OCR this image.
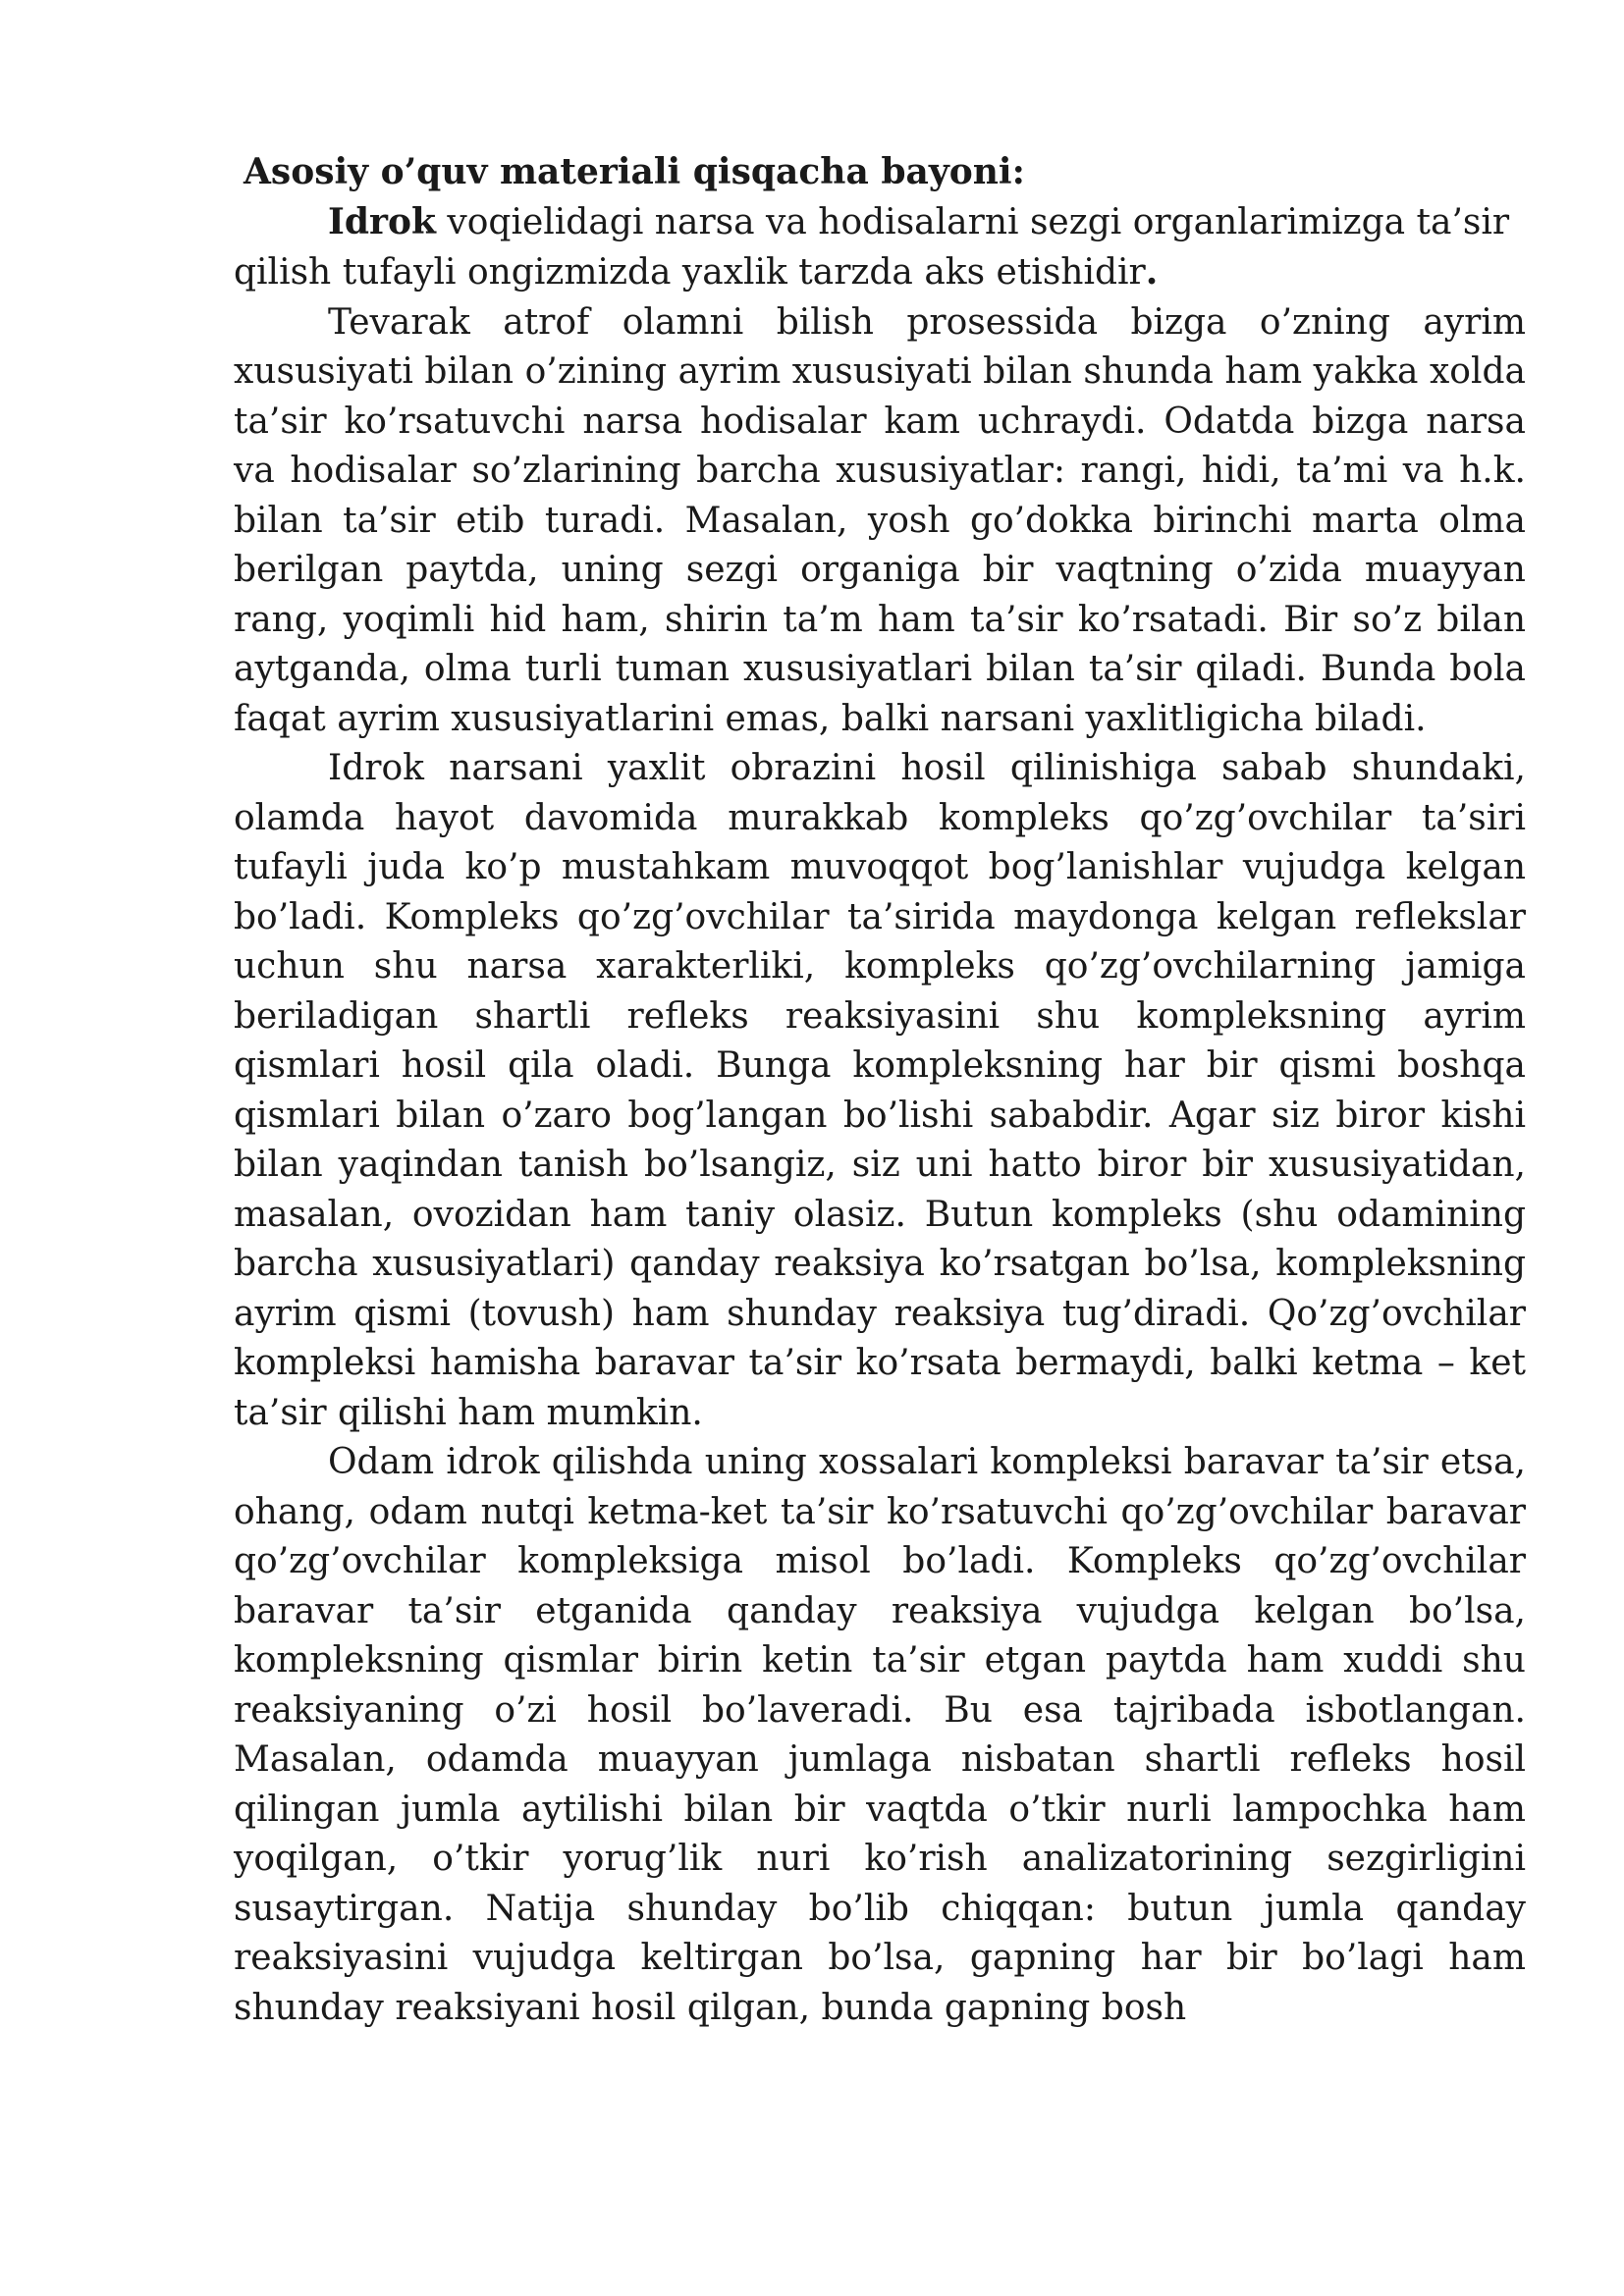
Asosiy o’quv materiali qisqacha bayoni:

Idrok voqielidagi narsa va hodisalarni sezgi organlarimizga ta’sir qilish tufayli ongizmizda yaxlik tarzda aks etishidir.

Tevarak atrof olamni bilish prosessida bizga o’zning ayrim xususiyati bilan o’zining ayrim xususiyati bilan shunda ham yakka xolda ta’sir ko’rsatuvchi narsa hodisalar kam uchraydi. Odatda bizga narsa va hodisalar so’zlarining barcha xususiyatlar: rangi, hidi, ta’mi va h.k. bilan ta’sir etib turadi. Masalan, yosh go’dokka birinchi marta olma berilgan paytda, uning sezgi organiga bir vaqtning o’zida muayyan rang, yoqimli hid ham, shirin ta’m ham ta’sir ko’rsatadi. Bir so’z bilan aytganda, olma turli tuman xususiyatlari bilan ta’sir qiladi. Bunda bola faqat ayrim xususiyatlarini emas, balki narsani yaxlitligicha biladi.

Idrok narsani yaxlit obrazini hosil qilinishiga sabab shundaki, olamda hayot davomida murakkab kompleks qo’zg’ovchilar ta’siri tufayli juda ko’p mustahkam muvoqqot bog’lanishlar vujudga kelgan bo’ladi. Kompleks qo’zg’ovchilar ta’sirida maydonga kelgan reflekslar uchun shu narsa xarakterliki, kompleks qo’zg’ovchilarning jamiga beriladigan shartli refleks reaksiyasini shu kompleksning ayrim qismlari hosil qila oladi. Bunga kompleksning har bir qismi boshqa qismlari bilan o’zaro bog’langan bo’lishi sababdir. Agar siz biror kishi bilan yaqindan tanish bo’lsangiz, siz uni hatto biror bir xususiyatidan, masalan, ovozidan ham taniy olasiz. Butun kompleks (shu odamining barcha xususiyatlari) qanday reaksiya ko’rsatgan bo’lsa, kompleksning ayrim qismi (tovush) ham shunday reaksiya tug’diradi. Qo’zg’ovchilar kompleksi hamisha baravar ta’sir ko’rsata bermaydi, balki ketma – ket ta’sir qilishi ham mumkin.

Odam idrok qilishda uning xossalari kompleksi baravar ta’sir etsa, ohang, odam nutqi ketma-ket ta’sir ko’rsatuvchi qo’zg’ovchilar baravar qo’zg’ovchilar kompleksiga misol bo’ladi. Kompleks qo’zg’ovchilar baravar ta’sir etganida qanday reaksiya vujudga kelgan bo’lsa, kompleksning qismlar birin ketin ta’sir etgan paytda ham xuddi shu reaksiyaning o’zi hosil bo’laveradi. Bu esa tajribada isbotlangan. Masalan, odamda muayyan jumlaga nisbatan shartli refleks hosil qilingan jumla aytilishi bilan bir vaqtda o’tkir nurli lampochka ham yoqilgan, o’tkir yorug’lik nuri ko’rish analizatorining sezgirligini susaytirgan. Natija shunday bo’lib chiqqan: butun jumla qanday reaksiyasini vujudga keltirgan bo’lsa, gapning har bir bo’lagi ham shunday reaksiyani hosil qilgan, bunda gapning bosh
